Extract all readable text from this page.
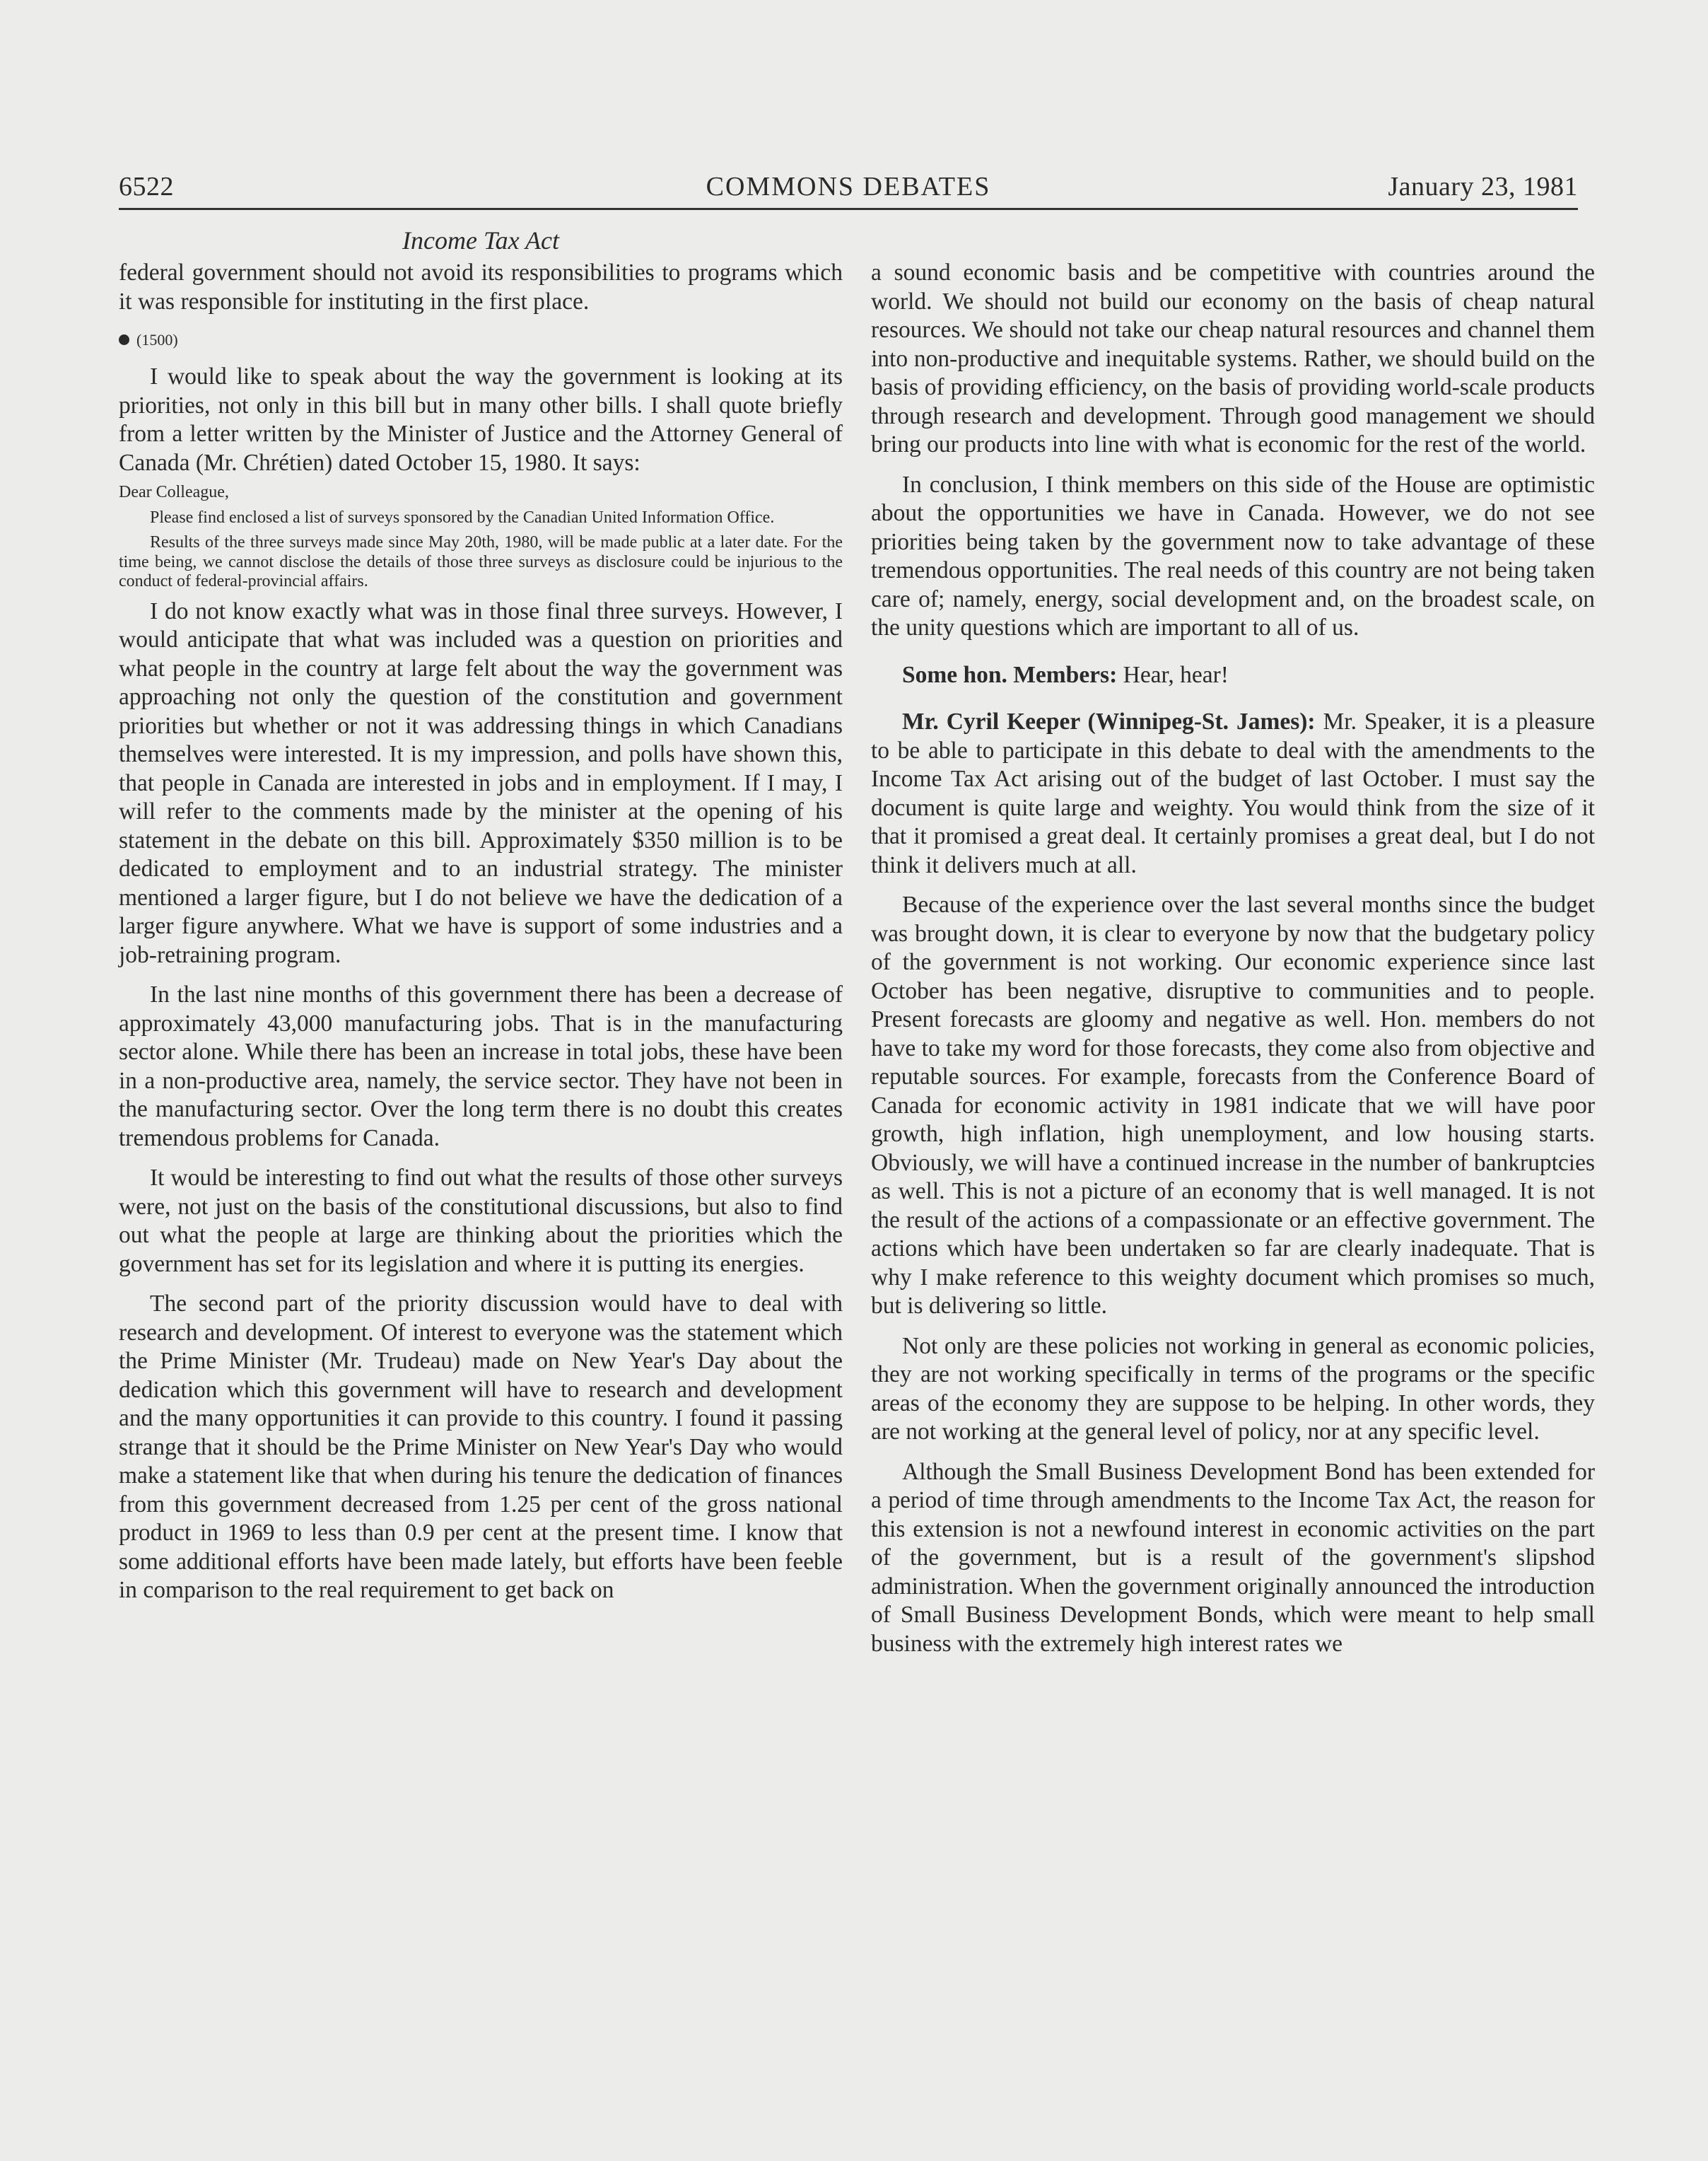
COMMONS DEBATES
6522	January 23, 1981
Income Tax Act

federal government should not avoid its responsibilities to programs which it was responsible for instituting in the first place.

(1500)

I would like to speak about the way the government is looking at its priorities, not only in this bill but in many other bills. I shall quote briefly from a letter written by the Minister of Justice and the Attorney General of Canada (Mr. Chrétien) dated October 15, 1980. It says:

Dear Colleague,

Please find enclosed a list of surveys sponsored by the Canadian United Information Office.

Results of the three surveys made since May 20th, 1980, will be made public at a later date. For the time being, we cannot disclose the details of those three surveys as disclosure could be injurious to the conduct of federal-provincial affairs.

I do not know exactly what was in those final three surveys. However, I would anticipate that what was included was a question on priorities and what people in the country at large felt about the way the government was approaching not only the question of the constitution and government priorities but whether or not it was addressing things in which Canadians themselves were interested. It is my impression, and polls have shown this, that people in Canada are interested in jobs and in employment. If I may, I will refer to the comments made by the minister at the opening of his statement in the debate on this bill. Approximately $350 million is to be dedicated to employment and to an industrial strategy. The minister mentioned a larger figure, but I do not believe we have the dedication of a larger figure anywhere. What we have is support of some industries and a job-retraining program.

In the last nine months of this government there has been a decrease of approximately 43,000 manufacturing jobs. That is in the manufacturing sector alone. While there has been an increase in total jobs, these have been in a non-productive area, namely, the service sector. They have not been in the manufacturing sector. Over the long term there is no doubt this creates tremendous problems for Canada.

It would be interesting to find out what the results of those other surveys were, not just on the basis of the constitutional discussions, but also to find out what the people at large are thinking about the priorities which the government has set for its legislation and where it is putting its energies.

The second part of the priority discussion would have to deal with research and development. Of interest to everyone was the statement which the Prime Minister (Mr. Trudeau) made on New Year's Day about the dedication which this government will have to research and development and the many opportunities it can provide to this country. I found it passing strange that it should be the Prime Minister on New Year's Day who would make a statement like that when during his tenure the dedication of finances from this government decreased from 1.25 per cent of the gross national product in 1969 to less than 0.9 per cent at the present time. I know that some additional efforts have been made lately, but efforts have been feeble in comparison to the real requirement to get back on

a sound economic basis and be competitive with countries around the world. We should not build our economy on the basis of cheap natural resources. We should not take our cheap natural resources and channel them into non-productive and inequitable systems. Rather, we should build on the basis of providing efficiency, on the basis of providing world-scale products through research and development. Through good management we should bring our products into line with what is economic for the rest of the world.

In conclusion, I think members on this side of the House are optimistic about the opportunities we have in Canada. However, we do not see priorities being taken by the government now to take advantage of these tremendous opportunities. The real needs of this country are not being taken care of; namely, energy, social development and, on the broadest scale, on the unity questions which are important to all of us.

Some hon. Members: Hear, hear!

Mr. Cyril Keeper (Winnipeg-St. James): Mr. Speaker, it is a pleasure to be able to participate in this debate to deal with the amendments to the Income Tax Act arising out of the budget of last October. I must say the document is quite large and weighty. You would think from the size of it that it promised a great deal. It certainly promises a great deal, but I do not think it delivers much at all.

Because of the experience over the last several months since the budget was brought down, it is clear to everyone by now that the budgetary policy of the government is not working. Our economic experience since last October has been negative, disruptive to communities and to people. Present forecasts are gloomy and negative as well. Hon. members do not have to take my word for those forecasts, they come also from objective and reputable sources. For example, forecasts from the Conference Board of Canada for economic activity in 1981 indicate that we will have poor growth, high inflation, high unemployment, and low housing starts. Obviously, we will have a continued increase in the number of bankruptcies as well. This is not a picture of an economy that is well managed. It is not the result of the actions of a compassionate or an effective government. The actions which have been undertaken so far are clearly inadequate. That is why I make reference to this weighty document which promises so much, but is delivering so little.

Not only are these policies not working in general as economic policies, they are not working specifically in terms of the programs or the specific areas of the economy they are suppose to be helping. In other words, they are not working at the general level of policy, nor at any specific level.

Although the Small Business Development Bond has been extended for a period of time through amendments to the Income Tax Act, the reason for this extension is not a newfound interest in economic activities on the part of the government, but is a result of the government's slipshod administration. When the government originally announced the introduction of Small Business Development Bonds, which were meant to help small business with the extremely high interest rates we
